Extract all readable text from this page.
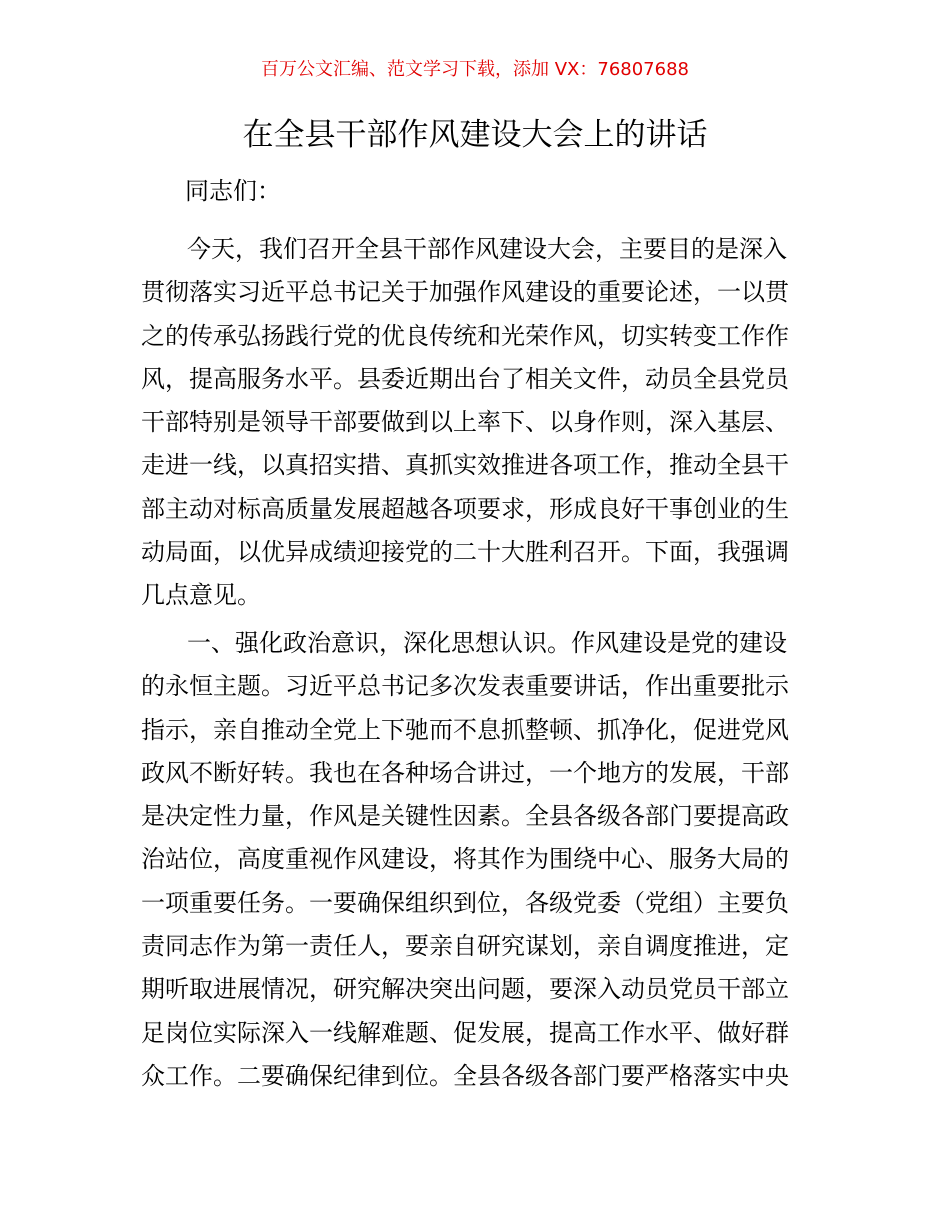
百万公文汇编、范文学习下载，添加 VX：76807688
在全县干部作风建设大会上的讲话
同志们：
今天，我们召开全县干部作风建设大会，主要目的是深入
贯彻落实习近平总书记关于加强作风建设的重要论述，一以贯
之的传承弘扬践行党的优良传统和光荣作风，切实转变工作作
风，提高服务水平。县委近期出台了相关文件，动员全县党员
干部特别是领导干部要做到以上率下、以身作则，深入基层、
走进一线，以真招实措、真抓实效推进各项工作，推动全县干
部主动对标高质量发展超越各项要求，形成良好干事创业的生
动局面，以优异成绩迎接党的二十大胜利召开。下面，我强调
几点意见。
一、强化政治意识，深化思想认识。作风建设是党的建设
的永恒主题。习近平总书记多次发表重要讲话，作出重要批示
指示，亲自推动全党上下驰而不息抓整顿、抓净化，促进党风
政风不断好转。我也在各种场合讲过，一个地方的发展，干部
是决定性力量，作风是关键性因素。全县各级各部门要提高政
治站位，高度重视作风建设，将其作为围绕中心、服务大局的
一项重要任务。一要确保组织到位，各级党委（党组）主要负
责同志作为第一责任人，要亲自研究谋划，亲自调度推进，定
期听取进展情况，研究解决突出问题，要深入动员党员干部立
足岗位实际深入一线解难题、促发展，提高工作水平、做好群
众工作。二要确保纪律到位。全县各级各部门要严格落实中央
